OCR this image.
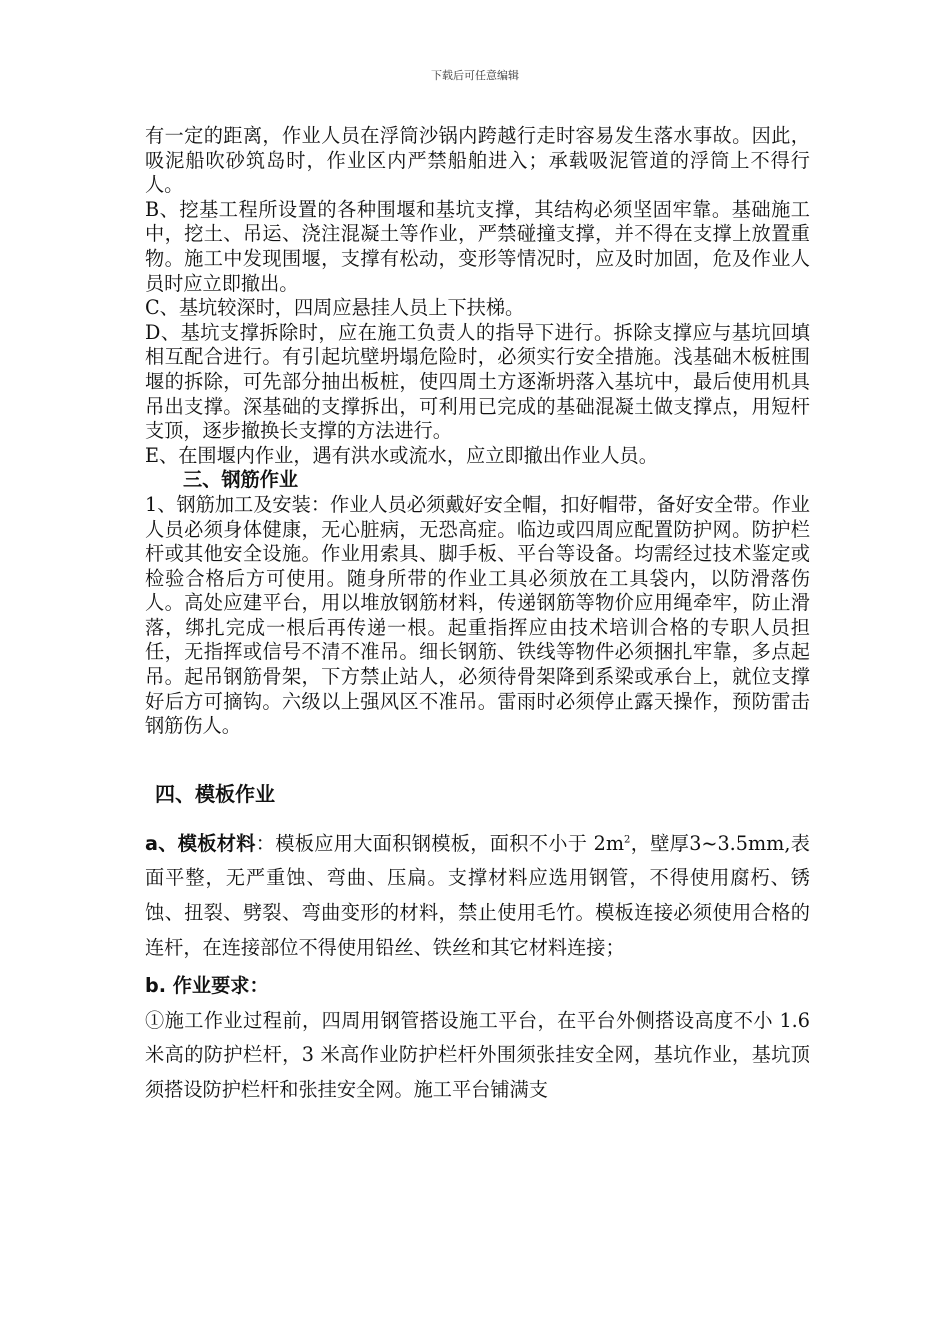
下载后可任意编辑

有一定的距离，作业人员在浮筒沙锅内跨越行走时容易发生落水事故。因此，吸泥船吹砂筑岛时，作业区内严禁船舶进入；承载吸泥管道的浮筒上不得行人。

B、挖基工程所设置的各种围堰和基坑支撑，其结构必须坚固牢靠。基础施工中，挖土、吊运、浇注混凝土等作业，严禁碰撞支撑，并不得在支撑上放置重物。施工中发现围堰，支撑有松动，变形等情况时，应及时加固，危及作业人员时应立即撤出。

C、基坑较深时，四周应悬挂人员上下扶梯。

D、基坑支撑拆除时，应在施工负责人的指导下进行。拆除支撑应与基坑回填相互配合进行。有引起坑壁坍塌危险时，必须实行安全措施。浅基础木板桩围堰的拆除，可先部分抽出板桩，使四周土方逐渐坍落入基坑中，最后使用机具吊出支撑。深基础的支撑拆出，可利用已完成的基础混凝土做支撑点，用短杆支顶，逐步撤换长支撑的方法进行。

E、在围堰内作业，遇有洪水或流水，应立即撤出作业人员。

三、钢筋作业

1、钢筋加工及安装：作业人员必须戴好安全帽，扣好帽带，备好安全带。作业人员必须身体健康，无心脏病，无恐高症。临边或四周应配置防护网。防护栏杆或其他安全设施。作业用索具、脚手板、平台等设备。均需经过技术鉴定或检验合格后方可使用。随身所带的作业工具必须放在工具袋内，以防滑落伤人。高处应建平台，用以堆放钢筋材料，传递钢筋等物价应用绳牵牢，防止滑落，绑扎完成一根后再传递一根。起重指挥应由技术培训合格的专职人员担任，无指挥或信号不清不准吊。细长钢筋、铁线等物件必须捆扎牢靠，多点起吊。起吊钢筋骨架，下方禁止站人，必须待骨架降到系梁或承台上，就位支撑好后方可摘钩。六级以上强风区不准吊。雷雨时必须停止露天操作，预防雷击钢筋伤人。

四、模板作业

a、模板材料：模板应用大面积钢模板，面积不小于 $2m^2$，壁厚3~3.5mm,表面平整，无严重蚀、弯曲、压扁。支撑材料应选用钢管，不得使用腐朽、锈蚀、扭裂、劈裂、弯曲变形的材料，禁止使用毛竹。模板连接必须使用合格的连杆，在连接部位不得使用铅丝、铁丝和其它材料连接；

b. 作业要求：

①施工作业过程前，四周用钢管搭设施工平台，在平台外侧搭设高度不小 1.6 米高的防护栏杆，3 米高作业防护栏杆外围须张挂安全网，基坑作业，基坑顶须搭设防护栏杆和张挂安全网。施工平台铺满支
